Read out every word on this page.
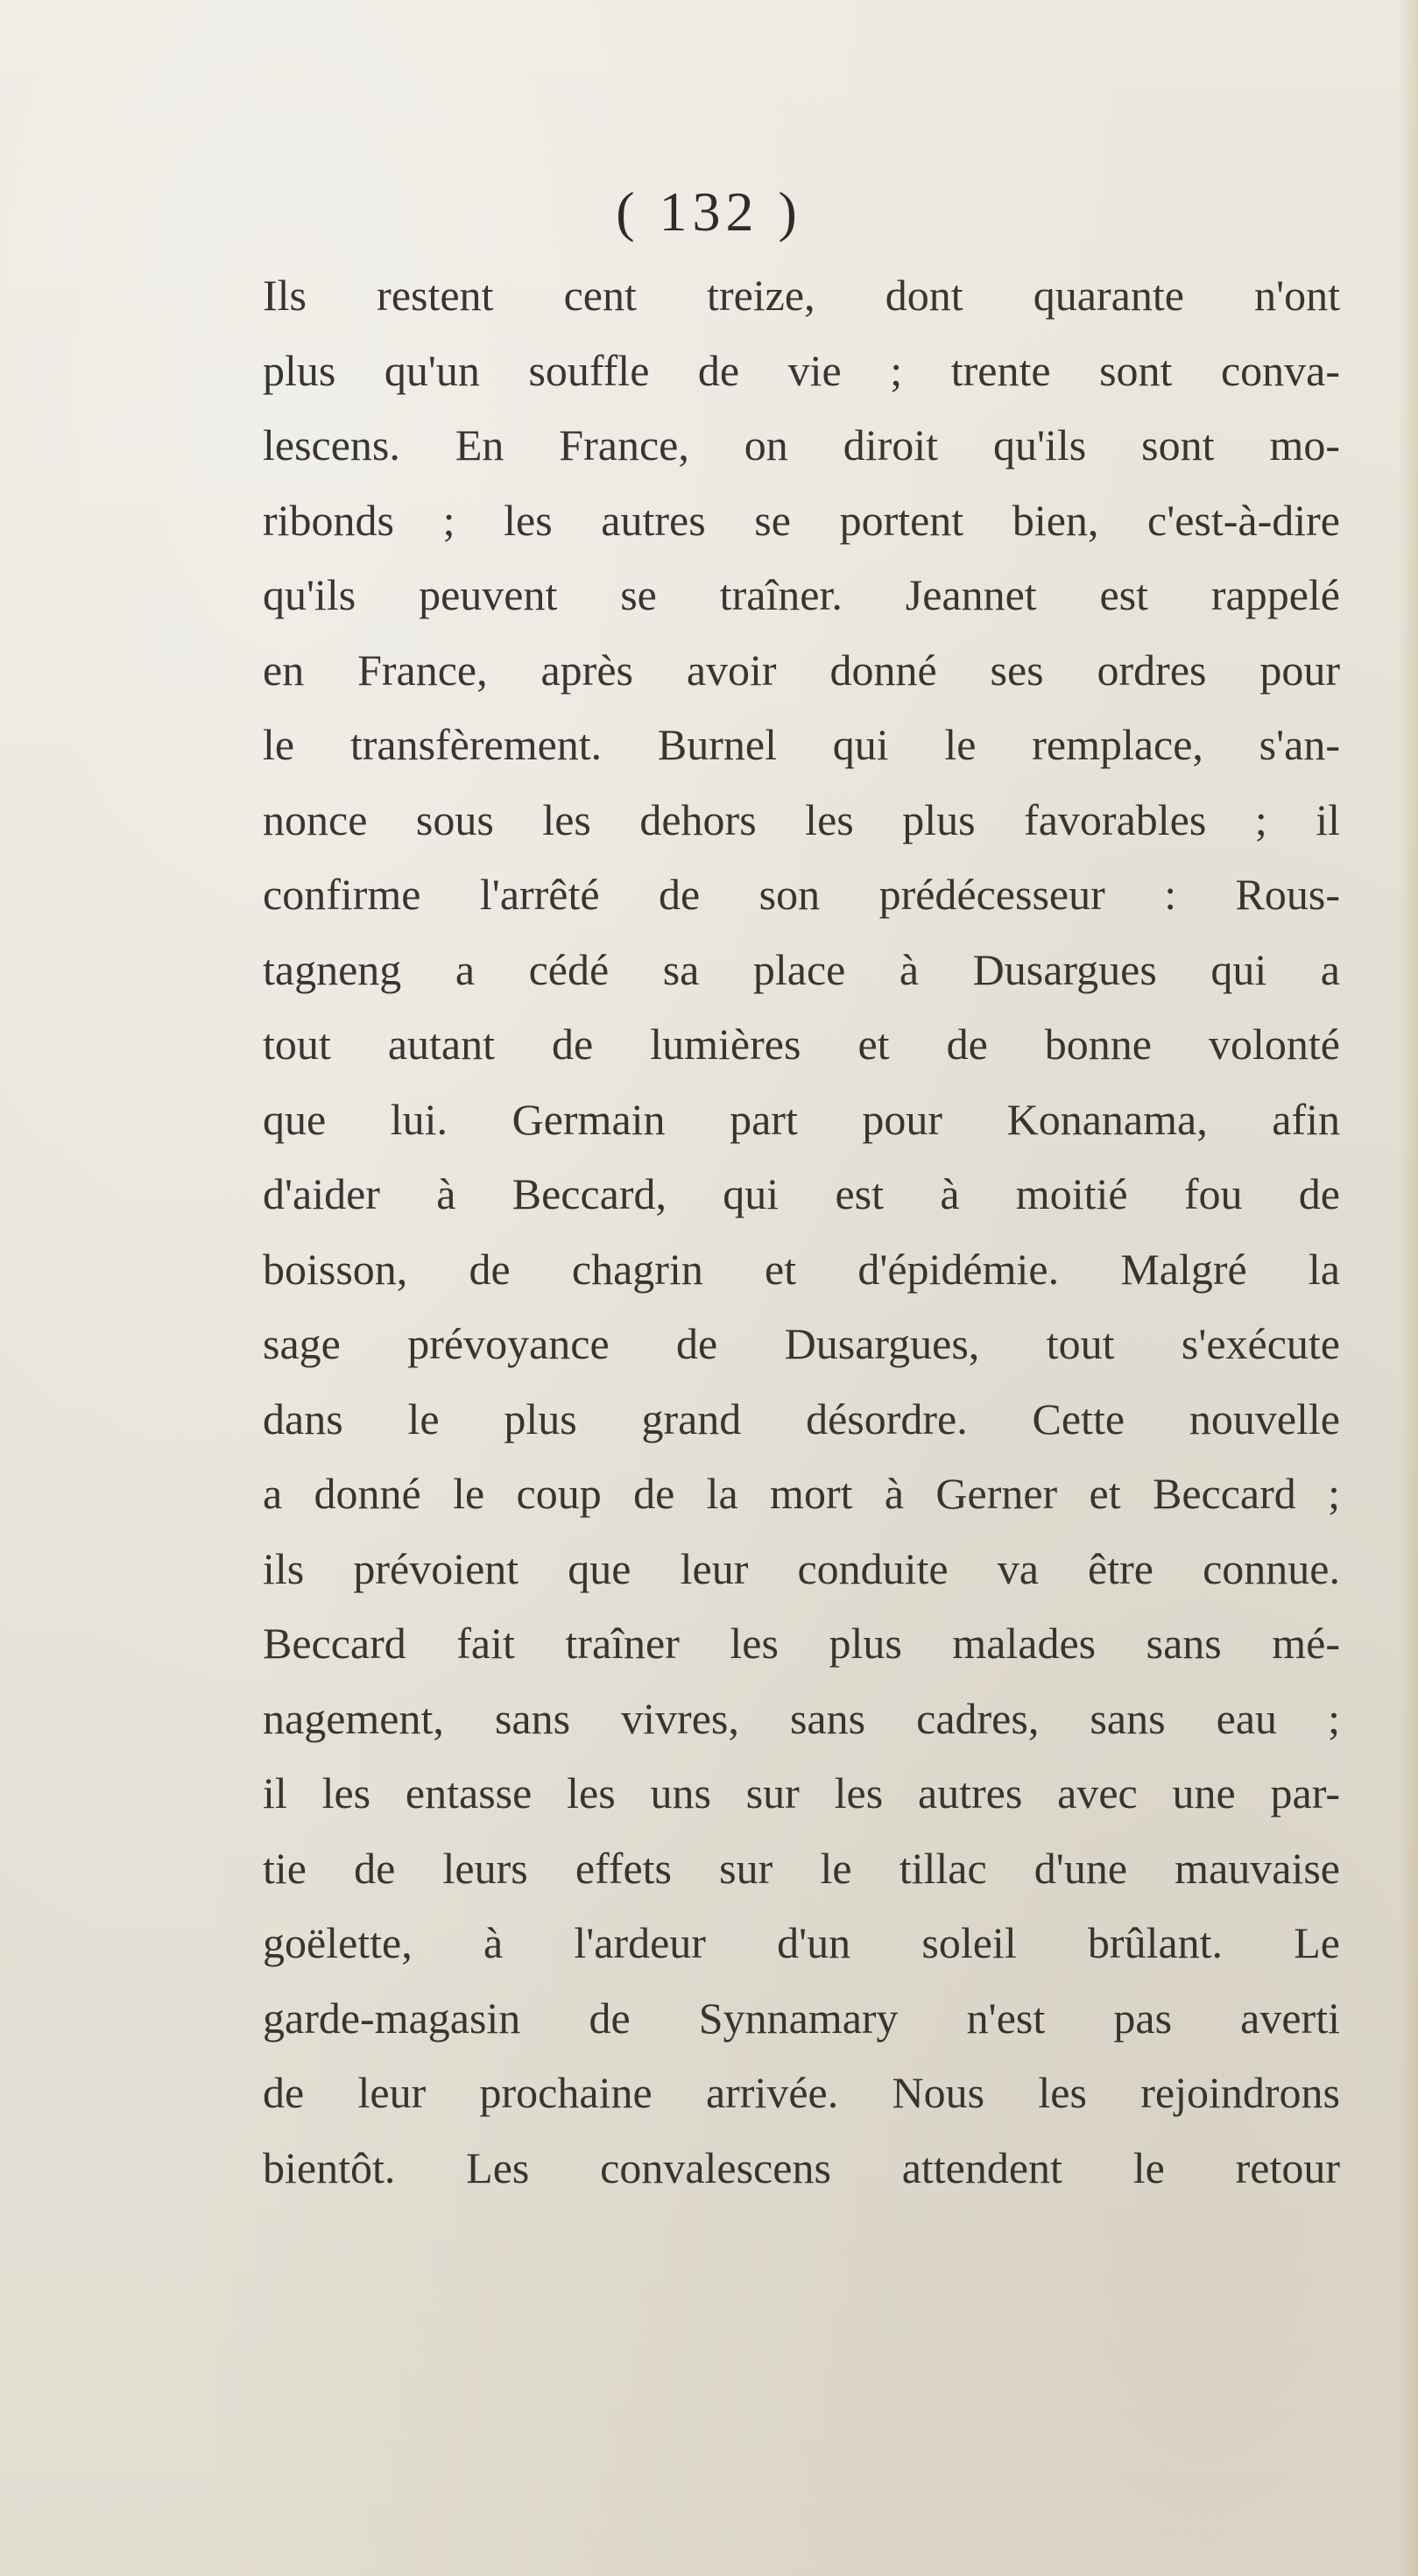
( 132 )
Ils restent cent treize, dont quarante n'ont
plus qu'un souffle de vie ; trente sont conva-
lescens. En France, on diroit qu'ils sont mo-
ribonds ; les autres se portent bien, c'est-à-dire
qu'ils peuvent se traîner. Jeannet est rappelé
en France, après avoir donné ses ordres pour
le transfèrement. Burnel qui le remplace, s'an-
nonce sous les dehors les plus favorables ; il
confirme l'arrêté de son prédécesseur : Rous-
tagneng a cédé sa place à Dusargues qui a
tout autant de lumières et de bonne volonté
que lui. Germain part pour Konanama, afin
d'aider à Beccard, qui est à moitié fou de
boisson, de chagrin et d'épidémie. Malgré la
sage prévoyance de Dusargues, tout s'exécute
dans le plus grand désordre. Cette nouvelle
a donné le coup de la mort à Gerner et Beccard ;
ils prévoient que leur conduite va être connue.
Beccard fait traîner les plus malades sans mé-
nagement, sans vivres, sans cadres, sans eau ;
il les entasse les uns sur les autres avec une par-
tie de leurs effets sur le tillac d'une mauvaise
goëlette, à l'ardeur d'un soleil brûlant. Le
garde-magasin de Synnamary n'est pas averti
de leur prochaine arrivée. Nous les rejoindrons
bientôt. Les convalescens attendent le retour
